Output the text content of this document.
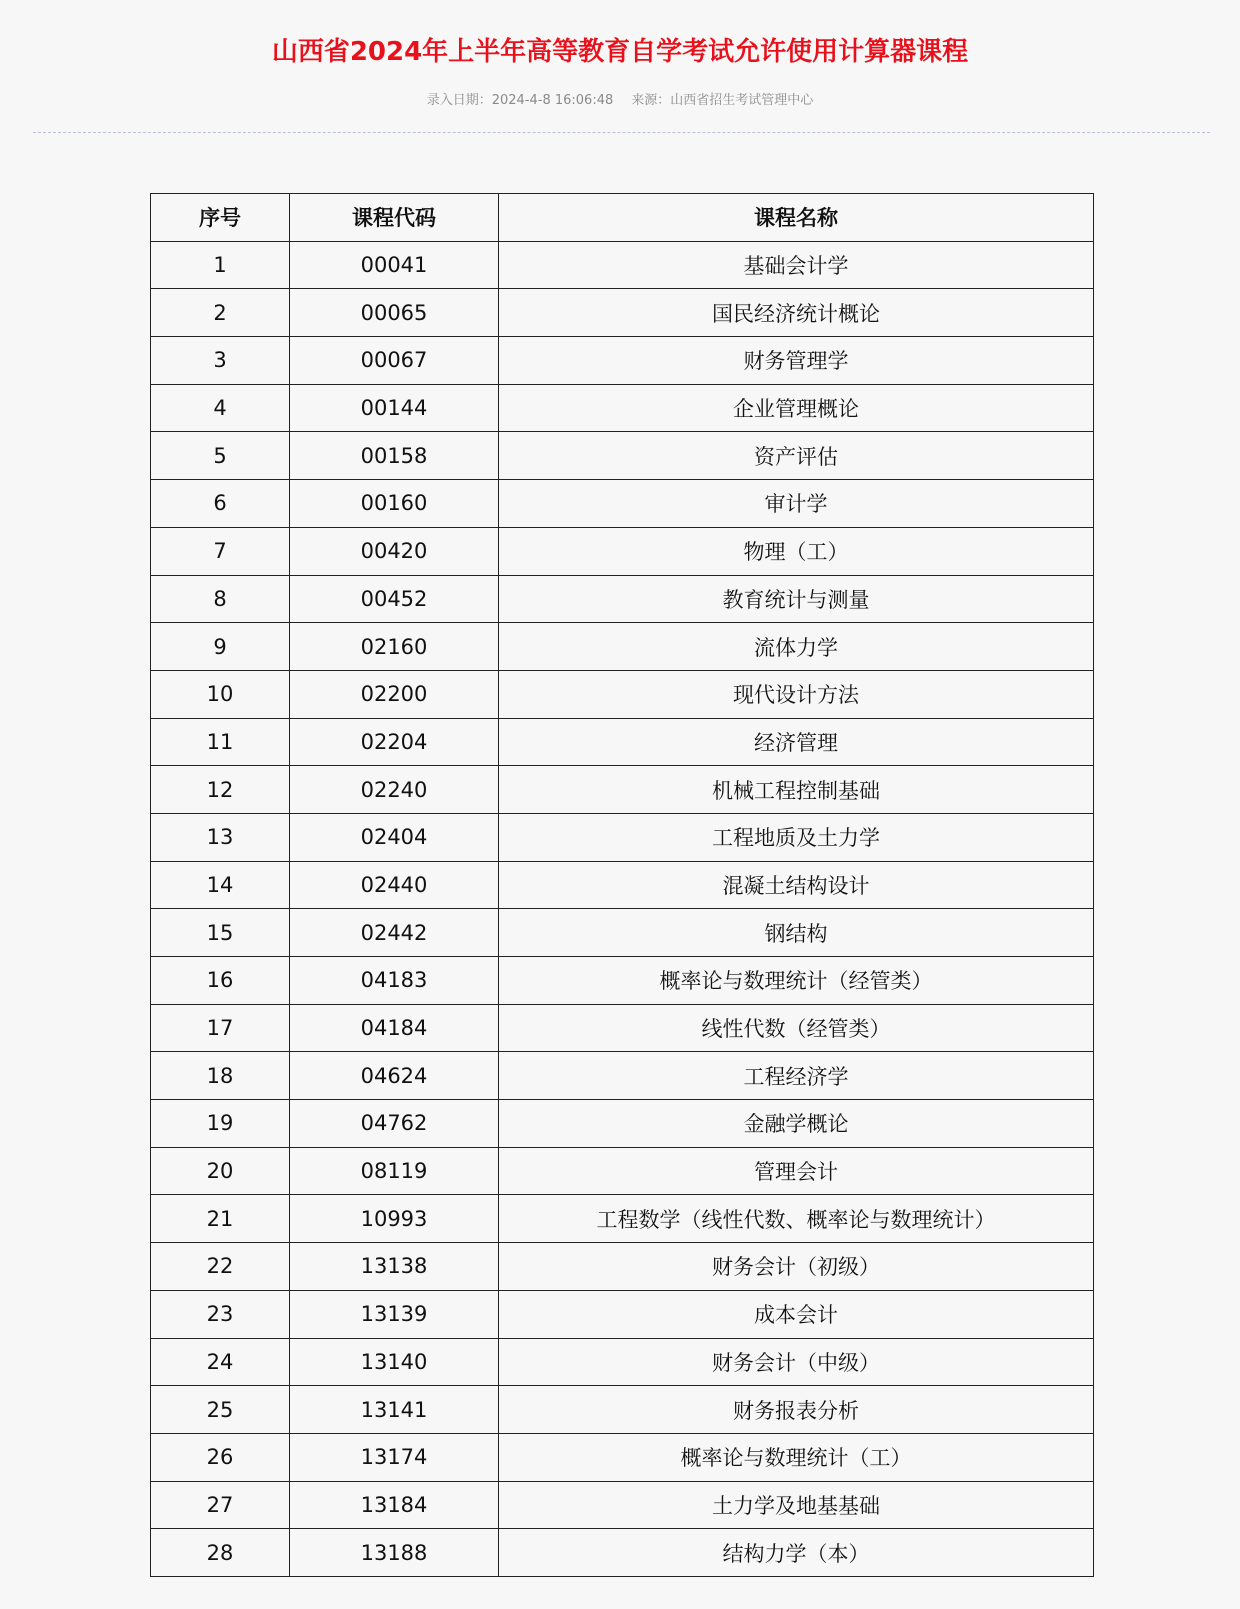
山西省2024年上半年高等教育自学考试允许使用计算器课程
录入日期：2024-4-8 16:06:48 来源：山西省招生考试管理中心
序号	课程代码	课程名称
1	00041	基础会计学
2	00065	国民经济统计概论
3	00067	财务管理学
4	00144	企业管理概论
5	00158	资产评估
6	00160	审计学
7	00420	物理（工）
8	00452	教育统计与测量
9	02160	流体力学
10	02200	现代设计方法
11	02204	经济管理
12	02240	机械工程控制基础
13	02404	工程地质及土力学
14	02440	混凝土结构设计
15	02442	钢结构
16	04183	概率论与数理统计（经管类）
17	04184	线性代数（经管类）
18	04624	工程经济学
19	04762	金融学概论
20	08119	管理会计
21	10993	工程数学（线性代数、概率论与数理统计）
22	13138	财务会计（初级）
23	13139	成本会计
24	13140	财务会计（中级）
25	13141	财务报表分析
26	13174	概率论与数理统计（工）
27	13184	土力学及地基基础
28	13188	结构力学（本）
